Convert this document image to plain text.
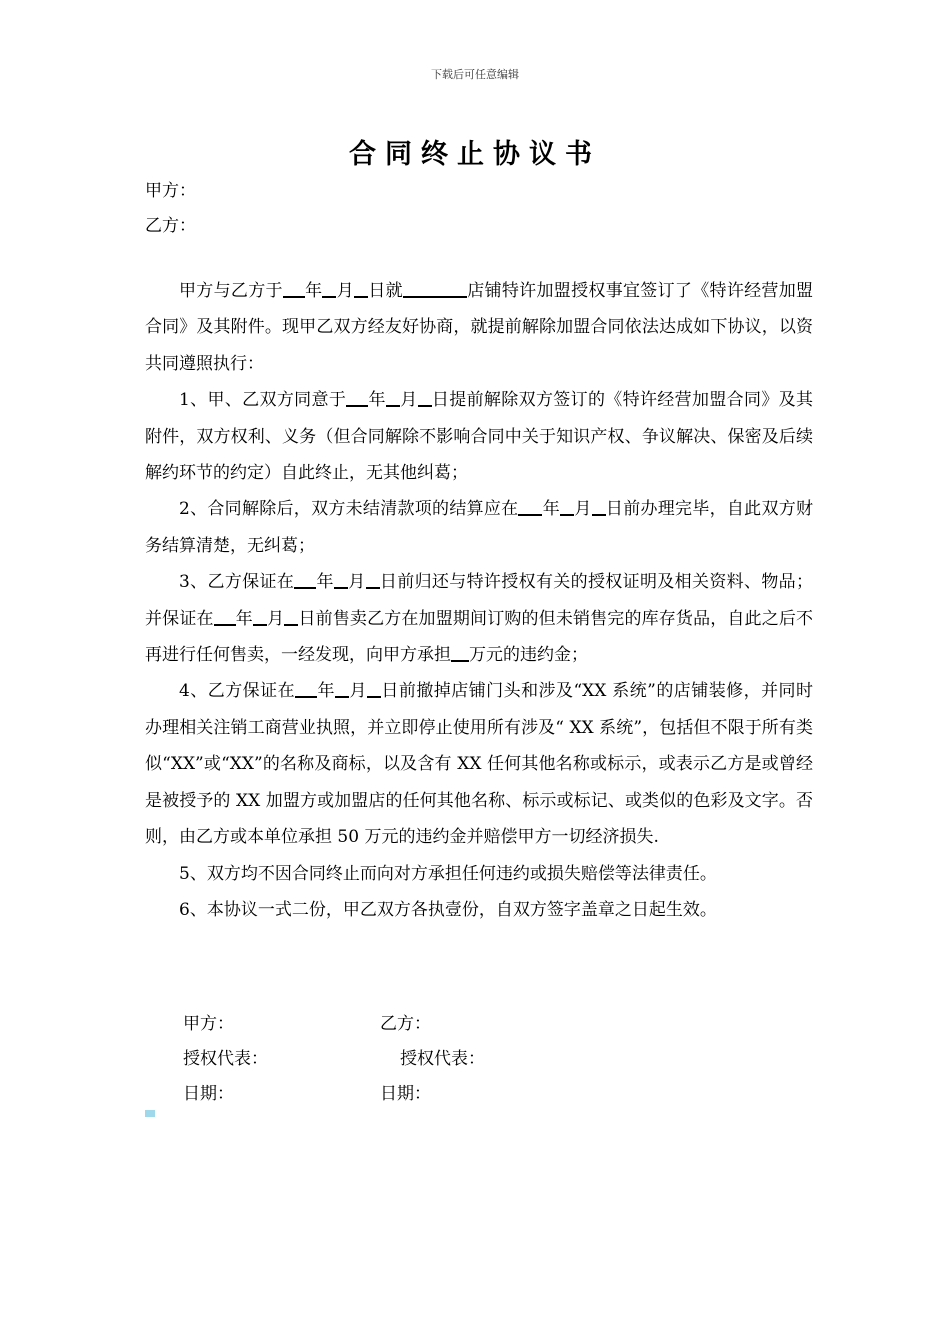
下载后可任意编辑
合同终止协议书
甲方：
乙方：

甲方与乙方于 年 月 日就	店铺特许加盟授权事宜签订了《特许经营加盟合同》及其附件。现甲乙双方经友好协商，就提前解除加盟合同依法达成如下协议，以资共同遵照执行：

1、甲、乙双方同意于 年 月 日提前解除双方签订的《特许经营加盟合同》及其附件，双方权利、义务（但合同解除不影响合同中关于知识产权、争议解决、保密及后续解约环节的约定）自此终止，无其他纠葛；

2、合同解除后，双方未结清款项的结算应在 年 月 日前办理完毕，自此双方财务结算清楚，无纠葛；

3、乙方保证在 年 月 日前归还与特许授权有关的授权证明及相关资料、物品；并保证在 年 月 日前售卖乙方在加盟期间订购的但未销售完的库存货品，自此之后不再进行任何售卖，一经发现，向甲方承担 万元的违约金；

4、乙方保证在 年 月 日前撤掉店铺门头和涉及“XX 系统”的店铺装修，并同时办理相关注销工商营业执照，并立即停止使用所有涉及“ XX 系统”，包括但不限于所有类似“XX”或“XX”的名称及商标，以及含有 XX 任何其他名称或标示，或表示乙方是或曾经是被授予的 XX 加盟方或加盟店的任何其他名称、标示或标记、或类似的色彩及文字。否则，由乙方或本单位承担 50 万元的违约金并赔偿甲方一切经济损失.

5、双方均不因合同终止而向对方承担任何违约或损失赔偿等法律责任。

6、本协议一式二份，甲乙双方各执壹份，自双方签字盖章之日起生效。

甲方：	乙方：
授权代表：	授权代表：
日期：	日期：
